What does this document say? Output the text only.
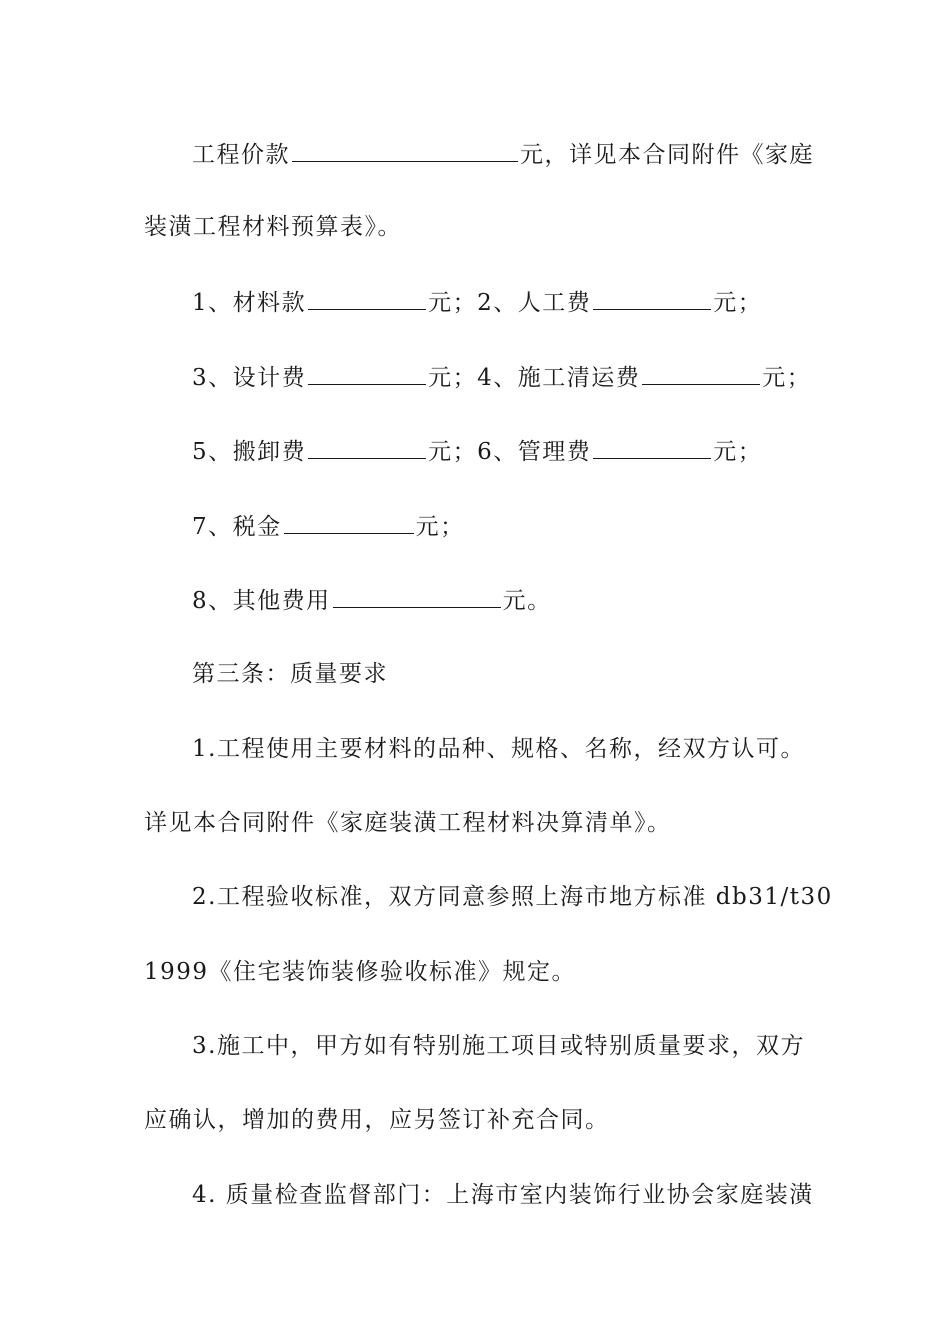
工程价款	元，详见本合同附件《家庭
装潢工程材料预算表》。
1、材料款	元；2、人工费	元；
3、设计费	元；4、施工清运费	元；
5、搬卸费	元；6、管理费	元；
7、税金	元；
8、其他费用	元。
第三条：质量要求
1.工程使用主要材料的品种、规格、名称，经双方认可。
详见本合同附件《家庭装潢工程材料决算清单》。
2.工程验收标准，双方同意参照上海市地方标准 db31/t30
1999《住宅装饰装修验收标准》规定。
3.施工中，甲方如有特别施工项目或特别质量要求，双方
应确认，增加的费用，应另签订补充合同。
4. 质量检查监督部门：上海市室内装饰行业协会家庭装潢
